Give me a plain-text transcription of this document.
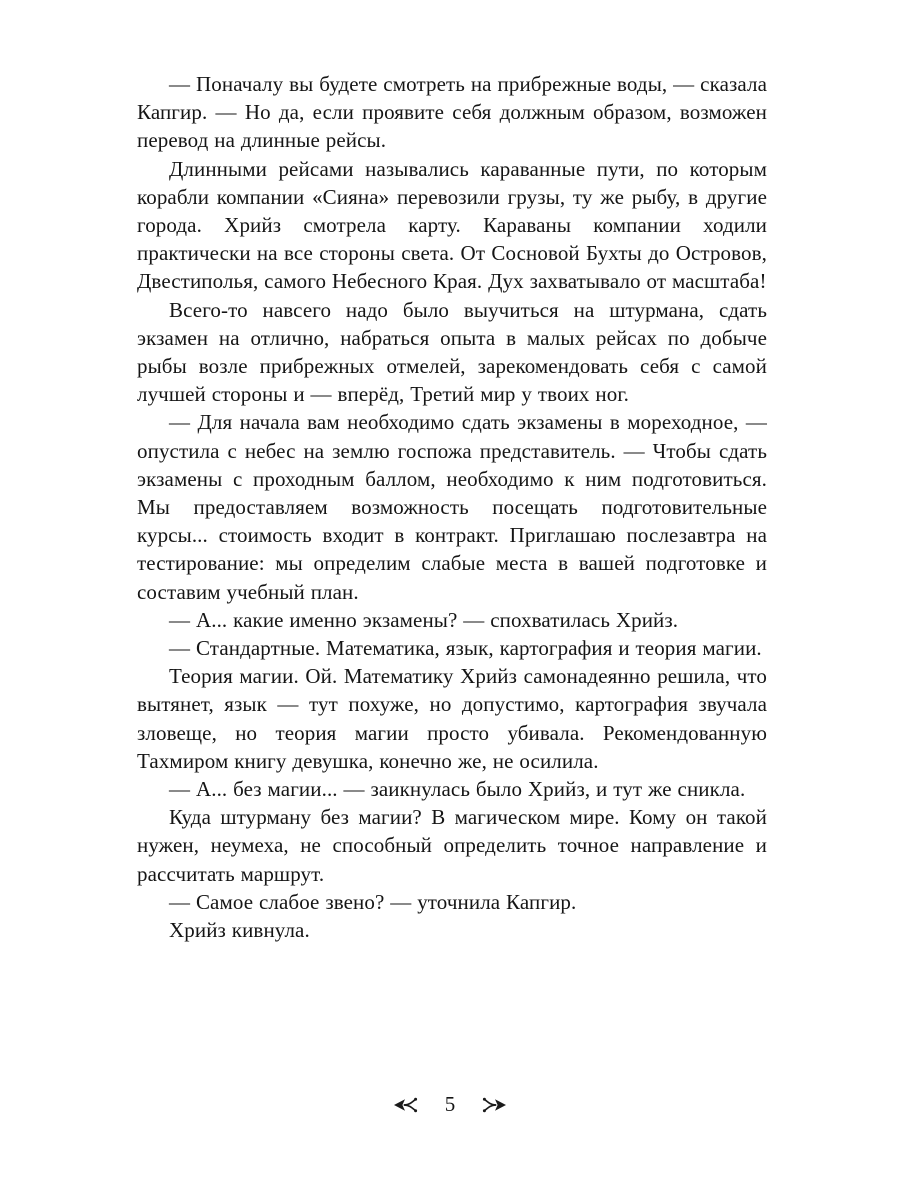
— Поначалу вы будете смотреть на прибрежные воды, — сказала Капгир. — Но да, если проявите себя должным образом, возможен перевод на длинные рейсы.

Длинными рейсами назывались караванные пути, по которым корабли компании «Сияна» перевозили грузы, ту же рыбу, в другие города. Хрийз смотрела карту. Караваны компании ходили практически на все стороны света. От Сосновой Бухты до Островов, Двестиполья, самого Небесного Края. Дух захватывало от масштаба!

Всего-то навсего надо было выучиться на штурмана, сдать экзамен на отлично, набраться опыта в малых рейсах по добыче рыбы возле прибрежных отмелей, зарекомендовать себя с самой лучшей стороны и — вперёд, Третий мир у твоих ног.

— Для начала вам необходимо сдать экзамены в мореходное, — опустила с небес на землю госпожа представитель. — Чтобы сдать экзамены с проходным баллом, необходимо к ним подготовиться. Мы предоставляем возможность посещать подготовительные курсы... стоимость входит в контракт. Приглашаю послезавтра на тестирование: мы определим слабые места в вашей подготовке и составим учебный план.

— А... какие именно экзамены? — спохватилась Хрийз.

— Стандартные. Математика, язык, картография и теория магии.

Теория магии. Ой. Математику Хрийз самонадеянно решила, что вытянет, язык — тут похуже, но допустимо, картография звучала зловеще, но теория магии просто убивала. Рекомендованную Тахмиром книгу девушка, конечно же, не осилила.

— А... без магии... — заикнулась было Хрийз, и тут же сникла.

Куда штурману без магии? В магическом мире. Кому он такой нужен, неумеха, не способный определить точное направление и рассчитать маршрут.

— Самое слабое звено? — уточнила Капгир.

Хрийз кивнула.

5
